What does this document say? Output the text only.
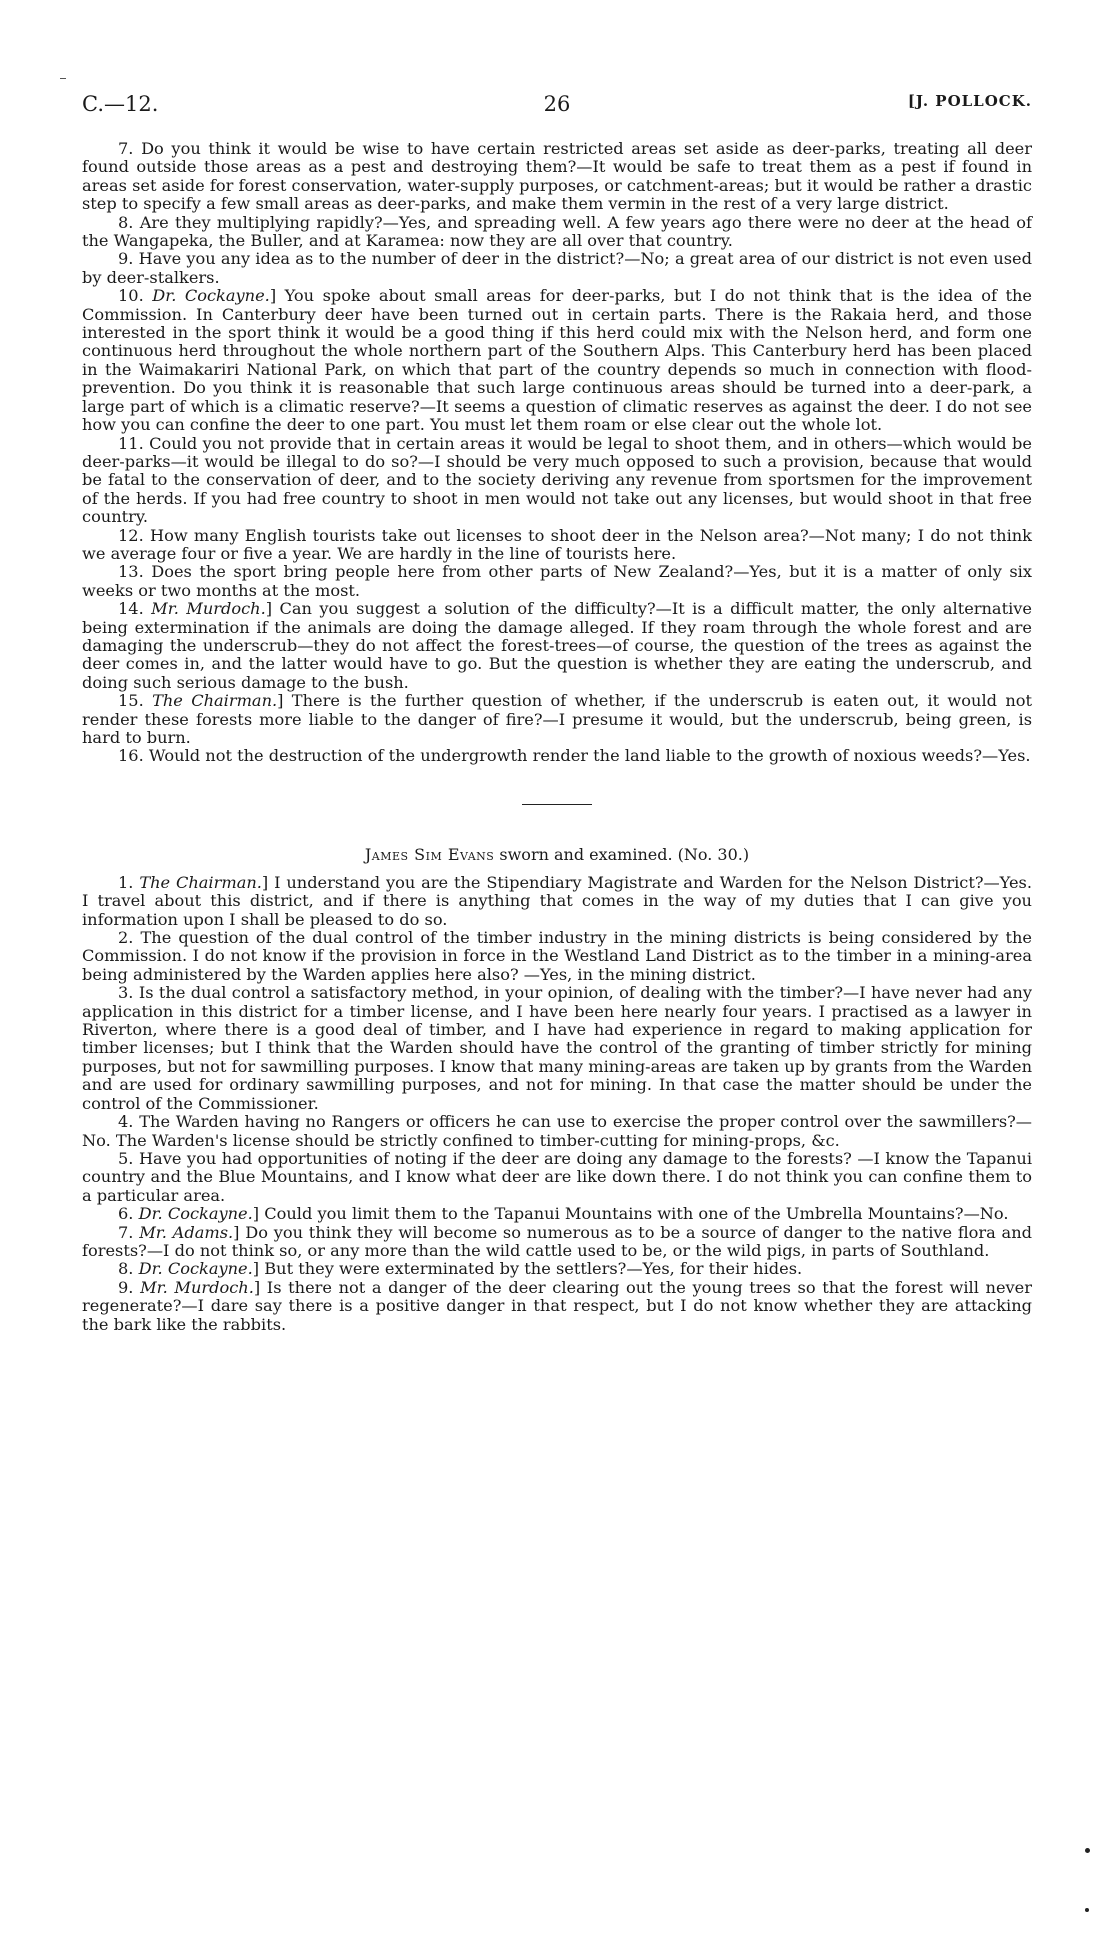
C.—12.	26	[J. POLLOCK.

7. Do you think it would be wise to have certain restricted areas set aside as deer-parks, treating all deer found outside those areas as a pest and destroying them?—It would be safe to treat them as a pest if found in areas set aside for forest conservation, water-supply purposes, or catchment-areas; but it would be rather a drastic step to specify a few small areas as deer-parks, and make them vermin in the rest of a very large district.

8. Are they multiplying rapidly?—Yes, and spreading well. A few years ago there were no deer at the head of the Wangapeka, the Buller, and at Karamea: now they are all over that country.

9. Have you any idea as to the number of deer in the district?—No; a great area of our district is not even used by deer-stalkers.

10. Dr. Cockayne.] You spoke about small areas for deer-parks, but I do not think that is the idea of the Commission. In Canterbury deer have been turned out in certain parts. There is the Rakaia herd, and those interested in the sport think it would be a good thing if this herd could mix with the Nelson herd, and form one continuous herd throughout the whole northern part of the Southern Alps. This Canterbury herd has been placed in the Waimakariri National Park, on which that part of the country depends so much in connection with flood-prevention. Do you think it is reasonable that such large continuous areas should be turned into a deer-park, a large part of which is a climatic reserve?—It seems a question of climatic reserves as against the deer. I do not see how you can confine the deer to one part. You must let them roam or else clear out the whole lot.

11. Could you not provide that in certain areas it would be legal to shoot them, and in others—which would be deer-parks—it would be illegal to do so?—I should be very much opposed to such a provision, because that would be fatal to the conservation of deer, and to the society deriving any revenue from sportsmen for the improvement of the herds. If you had free country to shoot in men would not take out any licenses, but would shoot in that free country.

12. How many English tourists take out licenses to shoot deer in the Nelson area?—Not many; I do not think we average four or five a year. We are hardly in the line of tourists here.

13. Does the sport bring people here from other parts of New Zealand?—Yes, but it is a matter of only six weeks or two months at the most.

14. Mr. Murdoch.] Can you suggest a solution of the difficulty?—It is a difficult matter, the only alternative being extermination if the animals are doing the damage alleged. If they roam through the whole forest and are damaging the underscrub—they do not affect the forest-trees—of course, the question of the trees as against the deer comes in, and the latter would have to go. But the question is whether they are eating the underscrub, and doing such serious damage to the bush.

15. The Chairman.] There is the further question of whether, if the underscrub is eaten out, it would not render these forests more liable to the danger of fire?—I presume it would, but the underscrub, being green, is hard to burn.

16. Would not the destruction of the undergrowth render the land liable to the growth of noxious weeds?—Yes.

James Sim Evans sworn and examined. (No. 30.)

1. The Chairman.] I understand you are the Stipendiary Magistrate and Warden for the Nelson District?—Yes. I travel about this district, and if there is anything that comes in the way of my duties that I can give you information upon I shall be pleased to do so.

2. The question of the dual control of the timber industry in the mining districts is being considered by the Commission. I do not know if the provision in force in the Westland Land District as to the timber in a mining-area being administered by the Warden applies here also? —Yes, in the mining district.

3. Is the dual control a satisfactory method, in your opinion, of dealing with the timber?—I have never had any application in this district for a timber license, and I have been here nearly four years. I practised as a lawyer in Riverton, where there is a good deal of timber, and I have had experience in regard to making application for timber licenses; but I think that the Warden should have the control of the granting of timber strictly for mining purposes, but not for sawmilling purposes. I know that many mining-areas are taken up by grants from the Warden and are used for ordinary sawmilling purposes, and not for mining. In that case the matter should be under the control of the Commissioner.

4. The Warden having no Rangers or officers he can use to exercise the proper control over the sawmillers?—No. The Warden's license should be strictly confined to timber-cutting for mining-props, &c.

5. Have you had opportunities of noting if the deer are doing any damage to the forests? —I know the Tapanui country and the Blue Mountains, and I know what deer are like down there. I do not think you can confine them to a particular area.

6. Dr. Cockayne.] Could you limit them to the Tapanui Mountains with one of the Umbrella Mountains?—No.

7. Mr. Adams.] Do you think they will become so numerous as to be a source of danger to the native flora and forests?—I do not think so, or any more than the wild cattle used to be, or the wild pigs, in parts of Southland.

8. Dr. Cockayne.] But they were exterminated by the settlers?—Yes, for their hides.

9. Mr. Murdoch.] Is there not a danger of the deer clearing out the young trees so that the forest will never regenerate?—I dare say there is a positive danger in that respect, but I do not know whether they are attacking the bark like the rabbits.
